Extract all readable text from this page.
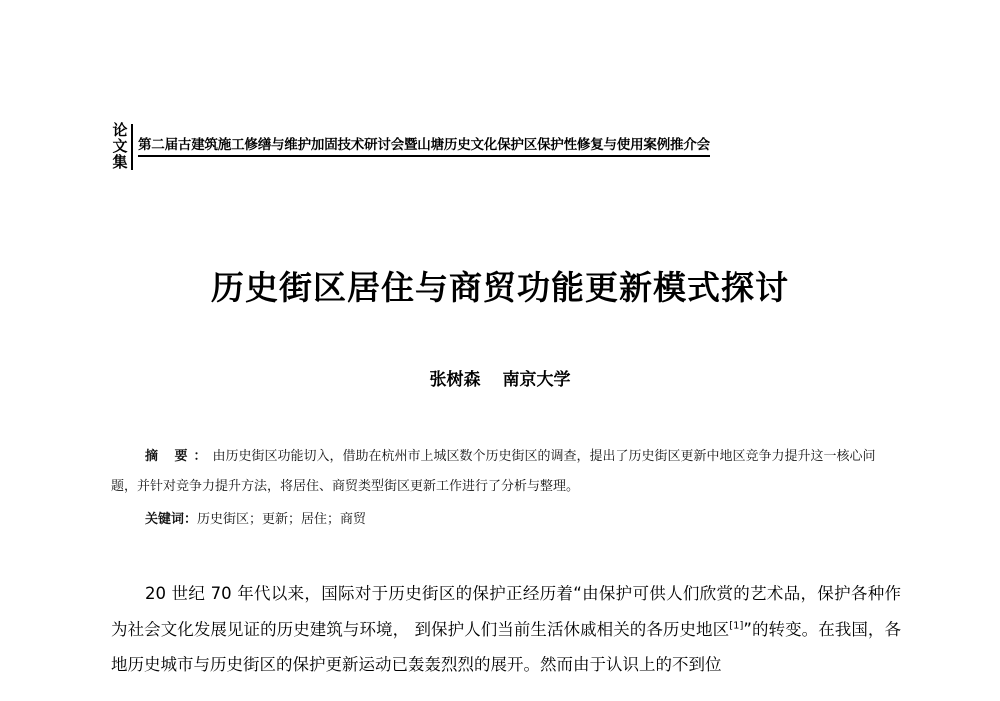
论
文
集
第二届古建筑施工修缮与维护加固技术研讨会暨山塘历史文化保护区保护性修复与使用案例推介会
历史街区居住与商贸功能更新模式探讨
张树森 南京大学
摘 要：由历史街区功能切入，借助在杭州市上城区数个历史街区的调查，提出了历史街区更新中地区竞争力提升这一核心问题，并针对竞争力提升方法，将居住、商贸类型街区更新工作进行了分析与整理。
关键词：历史街区；更新；居住；商贸
20 世纪 70 年代以来，国际对于历史街区的保护正经历着“由保护可供人们欣赏的艺术品，保护各种作为社会文化发展见证的历史建筑与环境， 到保护人们当前生活休戚相关的各历史地区[1]”的转变。在我国，各地历史城市与历史街区的保护更新运动已轰轰烈烈的展开。然而由于认识上的不到位
